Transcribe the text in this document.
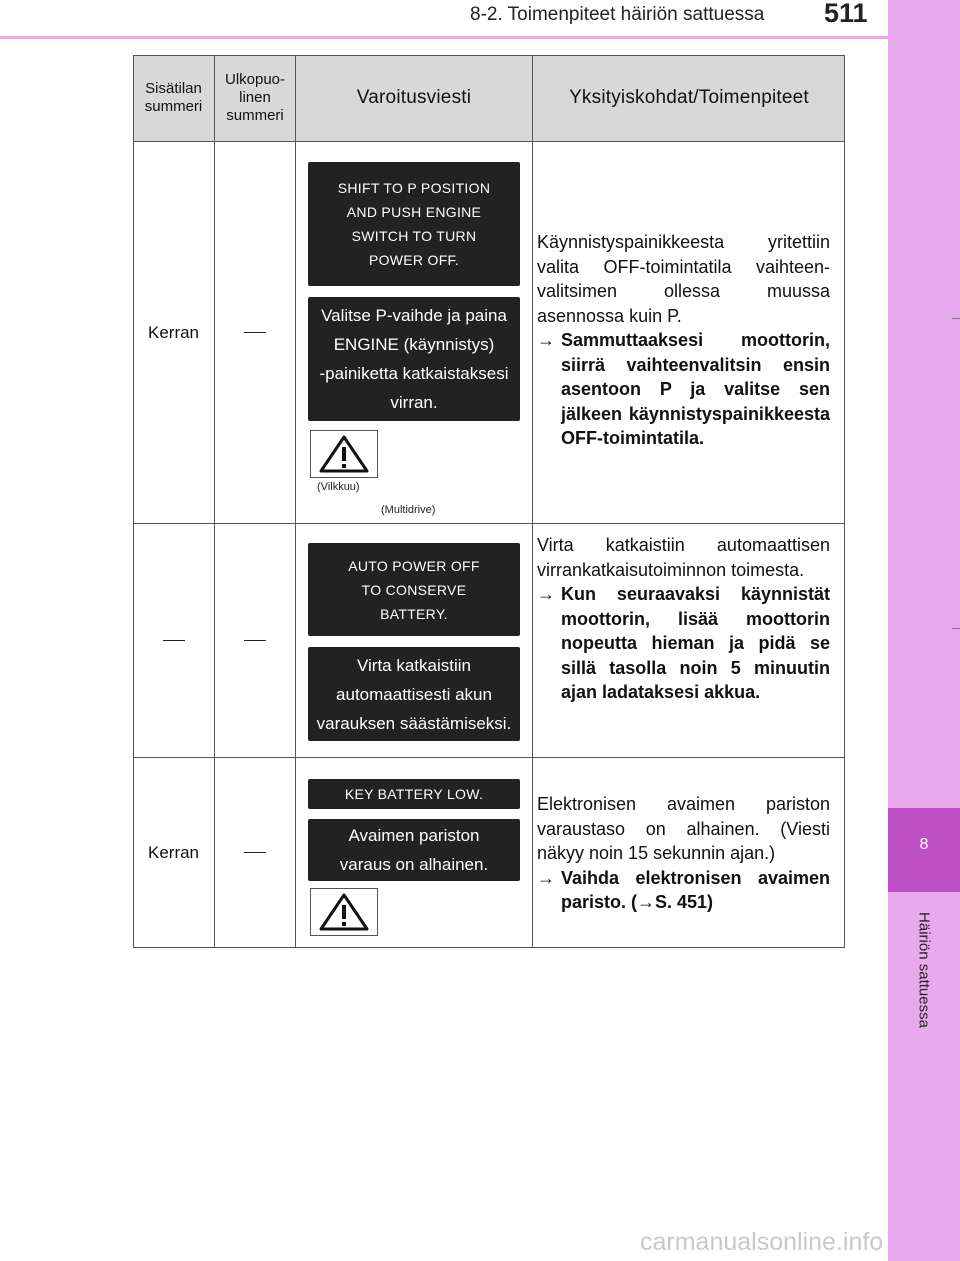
8-2. Toimenpiteet häiriön sattuessa 511
8
Häiriön sattuessa
Sisätilan
summeri
Ulkopuo-
linen
summeri
Varoitusviesti	Yksityiskohdat/Toimenpiteet
Kerran
SHIFT TO P POSITION
AND PUSH ENGINE
SWITCH TO TURN
POWER OFF.
Valitse P-vaihde ja paina
ENGINE (käynnistys)
-painiketta katkaistaksesi
virran.
(Vilkkuu)
(Multidrive)

Käynnistyspainikkeesta yritettiin valita OFF-toimintatila vaihteen-valitsimen ollessa muussa asennossa kuin P.

→ Sammuttaaksesi moottorin, siirrä vaihteenvalitsin ensin asentoon P ja valitse sen jälkeen käynnistyspainikkeesta OFF-toimintatila.
AUTO POWER OFF
TO CONSERVE
BATTERY.
Virta katkaistiin
automaattisesti akun
varauksen säästämiseksi.

Virta katkaistiin automaattisen virrankatkaisutoiminnon toimesta.

→ Kun seuraavaksi käynnistät moottorin, lisää moottorin nopeutta hieman ja pidä se sillä tasolla noin 5 minuutin ajan ladataksesi akkua.
Kerran
KEY BATTERY LOW.
Avaimen pariston
varaus on alhainen.

Elektronisen avaimen pariston varaustaso on alhainen. (Viesti näkyy noin 15 sekunnin ajan.)

→ Vaihda elektronisen avaimen paristo. (→S. 451)
carmanualsonline.info
